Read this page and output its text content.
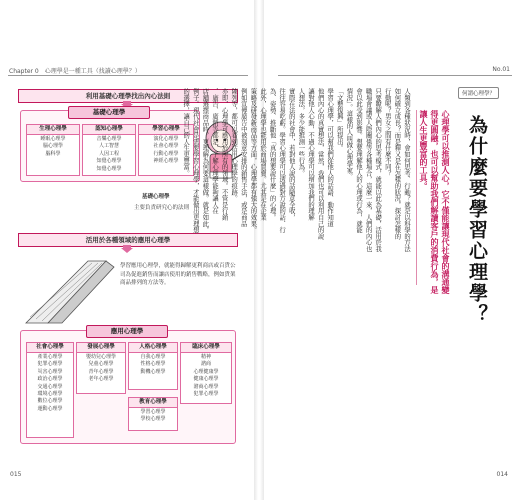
Chapter 0　心理學是一種工具（找讀心理學？）
利用基礎心理學找出內心法則
基礎心理學
生理心理學
睡眠心理學
腦心理學
腦科學
認知心理學
音樂心理學
人工智慧
人因工程
知覺心理學
知覺心理學
學習心理學
演化心理學
社會心理學
行動心理學
神經心理學
基礎心理學
主要負責研究心的法則
活用於各種領域的應用心理學
學習應用心理學，就能得歸解更利商店或百貨公司為促進銷售而讓店使用的銷售戰略，例如貨架商品排列的方法等。
應用心理學
社會心理學
產業心理學
犯罪心理學
災害心理學
政治心理學
交通心理學
環境心理學
數位心理學
運動心理學
發展心理學
嬰幼兒心理學
兒童心理學
青年心理學
老年心理學
人格心理學
自我心理學
性格心理學
動機心理學
臨床心理學
精神
諮商
心理健康學
健康心理學
諮商心理學
犯罪心理學
教育心理學
學習心理學
學校心理學
015
No.01
何謂心理學？
為什麼要學習心理學？
心理學可以推測人心，它不僅能讓現代社會的溝通變得更圓融，也可以幫助我們解讀客戶的消費行為，是讓人生更豐富的工具。
人類到各種狀況時，會如何思考、行動？就是以科學的方法
如何確立成長？而是釋又是在怎樣的狀況，探討怎樣的
行動呢？男女之間有什麼不同？
只要瞭解人們內心的思考模式，就能以此為基礎，活用於我
職場會議或人際關係等各種場合，這麼一來，人們的內心也
會以此受到影響。想要理解他人的心理或行為，就能
情況」。這樣的人叫做心理學家。
「文藝復興」所提出。
學習心理學，可以幫我們從他人的話語、動作知道
他們內心的真實想法，當然，我們也可以利用自己的說
讓對他人心動，不過心理學可以增加我們的理解
人想法，多少能推測一些行為。
實際在法的社會中，若對他人說的話隨意全收，
往往容易吃虧。學習心理學可以透過對方說的話、行
為、姿勢、推斷他「真的想要說什麼」的心理。
此外，心理學也能用於商場買賣。尤其是在企業
策略及研發新商品等方面，心理學都有強大的效果。
例如宣傳廣告中被刻意安排的銷售手法，或是商品
陳列等，都可以看到活用心理學的痕跡。
亦即，心理學可應用於所有的領域。不管是行銷
、廣告、廣銷等都是，了解心理學能夠讓人在
店舖選擇商品時，更理解為何要這樣做。就是如此，
例子。現代社會是需要學習心理學，才能做出更理想
的選擇，讓自己的人生更豐富。
014
